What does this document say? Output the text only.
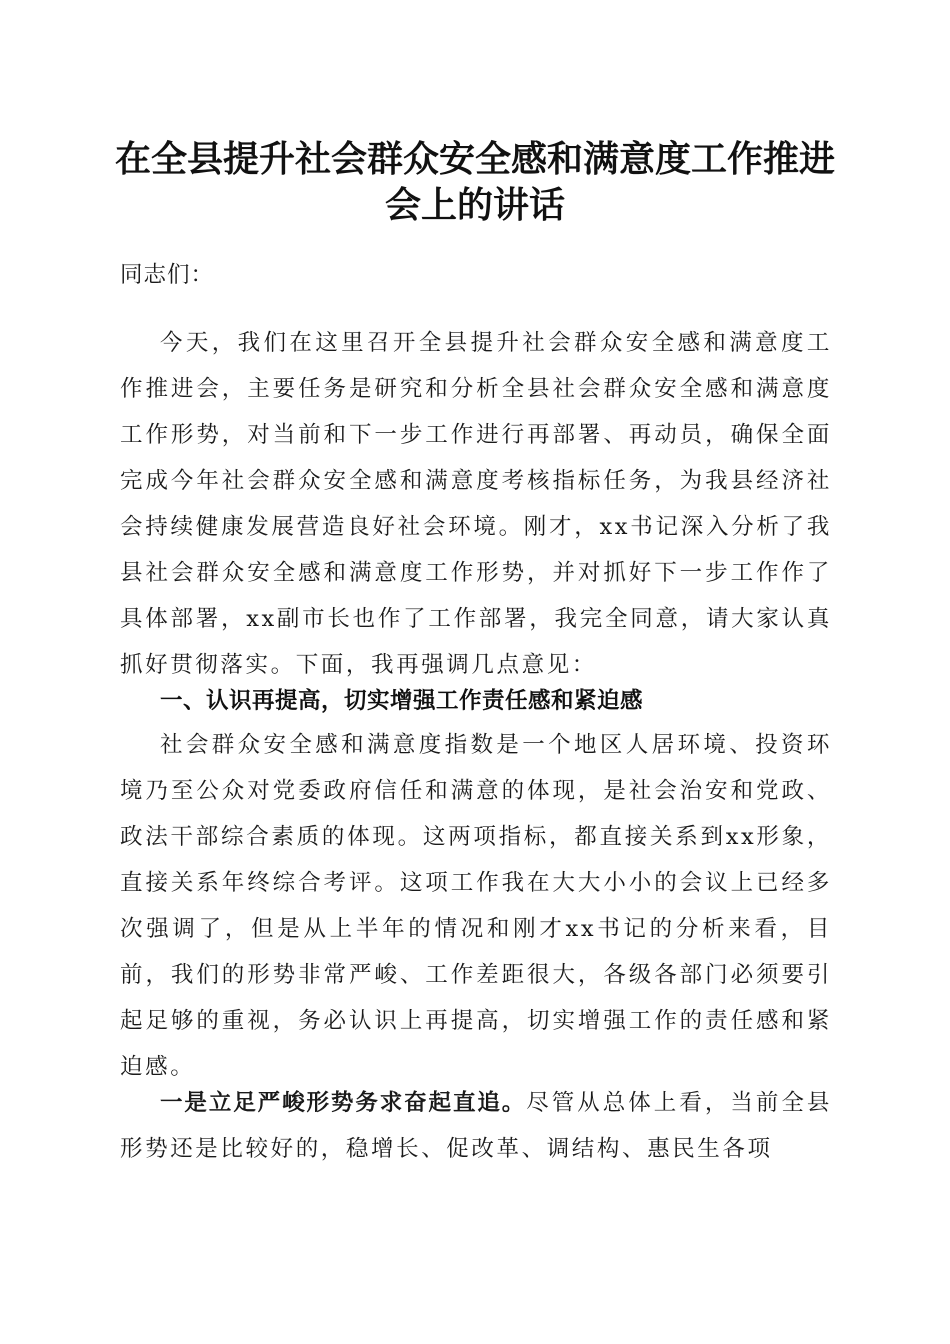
在全县提升社会群众安全感和满意度工作推进
会上的讲话

同志们：

今天，我们在这里召开全县提升社会群众安全感和满意度工作推进会，主要任务是研究和分析全县社会群众安全感和满意度工作形势，对当前和下一步工作进行再部署、再动员，确保全面完成今年社会群众安全感和满意度考核指标任务，为我县经济社会持续健康发展营造良好社会环境。刚才，xx书记深入分析了我县社会群众安全感和满意度工作形势，并对抓好下一步工作作了具体部署，xx副市长也作了工作部署，我完全同意，请大家认真抓好贯彻落实。下面，我再强调几点意见：

一、认识再提高，切实增强工作责任感和紧迫感

社会群众安全感和满意度指数是一个地区人居环境、投资环境乃至公众对党委政府信任和满意的体现，是社会治安和党政、政法干部综合素质的体现。这两项指标，都直接关系到xx形象，直接关系年终综合考评。这项工作我在大大小小的会议上已经多次强调了，但是从上半年的情况和刚才xx书记的分析来看，目前，我们的形势非常严峻、工作差距很大，各级各部门必须要引起足够的重视，务必认识上再提高，切实增强工作的责任感和紧迫感。

一是立足严峻形势务求奋起直追。尽管从总体上看，当前全县形势还是比较好的，稳增长、促改革、调结构、惠民生各项
